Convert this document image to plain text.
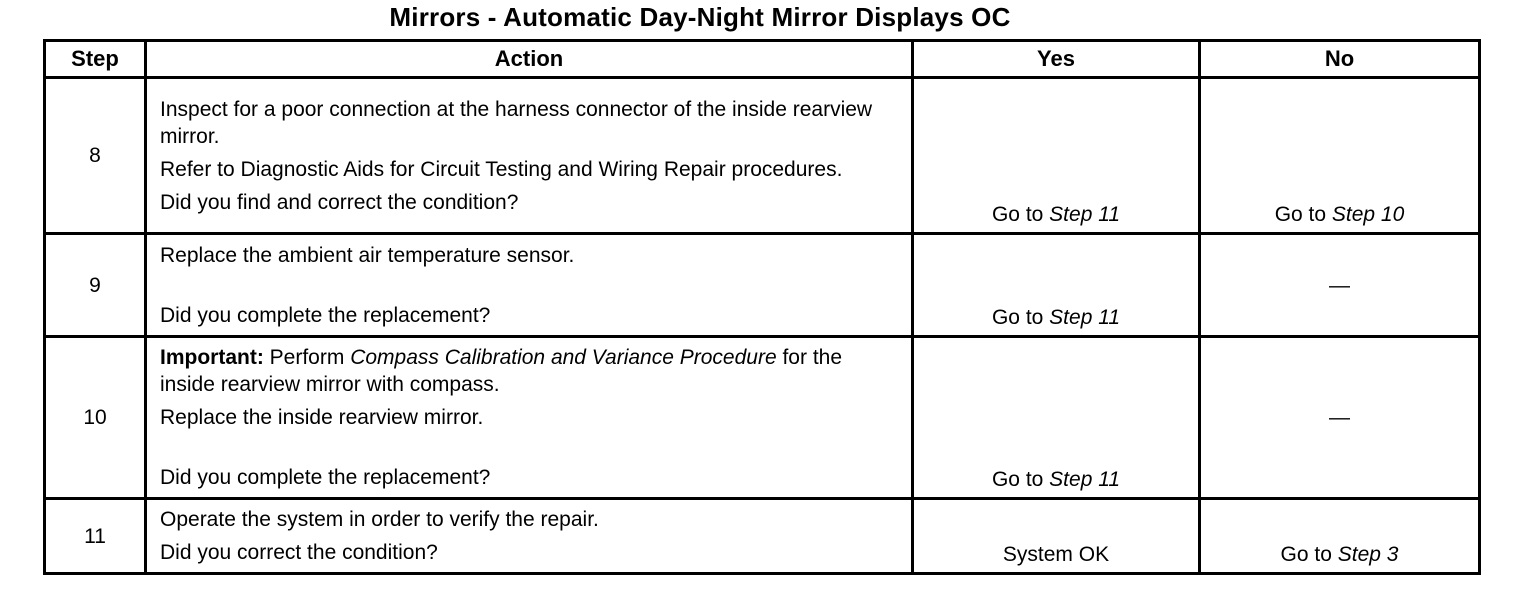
Mirrors - Automatic Day-Night Mirror Displays OC
Step	Action	Yes	No
8	Inspect for a poor connection at the harness connector of the inside rearview mirror.

Refer to Diagnostic Aids for Circuit Testing and Wiring Repair procedures.

Did you find and correct the condition?	Go to Step 11	Go to Step 10
9	Replace the ambient air temperature sensor.

Did you complete the replacement?	Go to Step 11	—
10	Important: Perform Compass Calibration and Variance Procedure for the inside rearview mirror with compass.

Replace the inside rearview mirror.

Did you complete the replacement?	Go to Step 11	—
11	Operate the system in order to verify the repair.

Did you correct the condition?	System OK	Go to Step 3
